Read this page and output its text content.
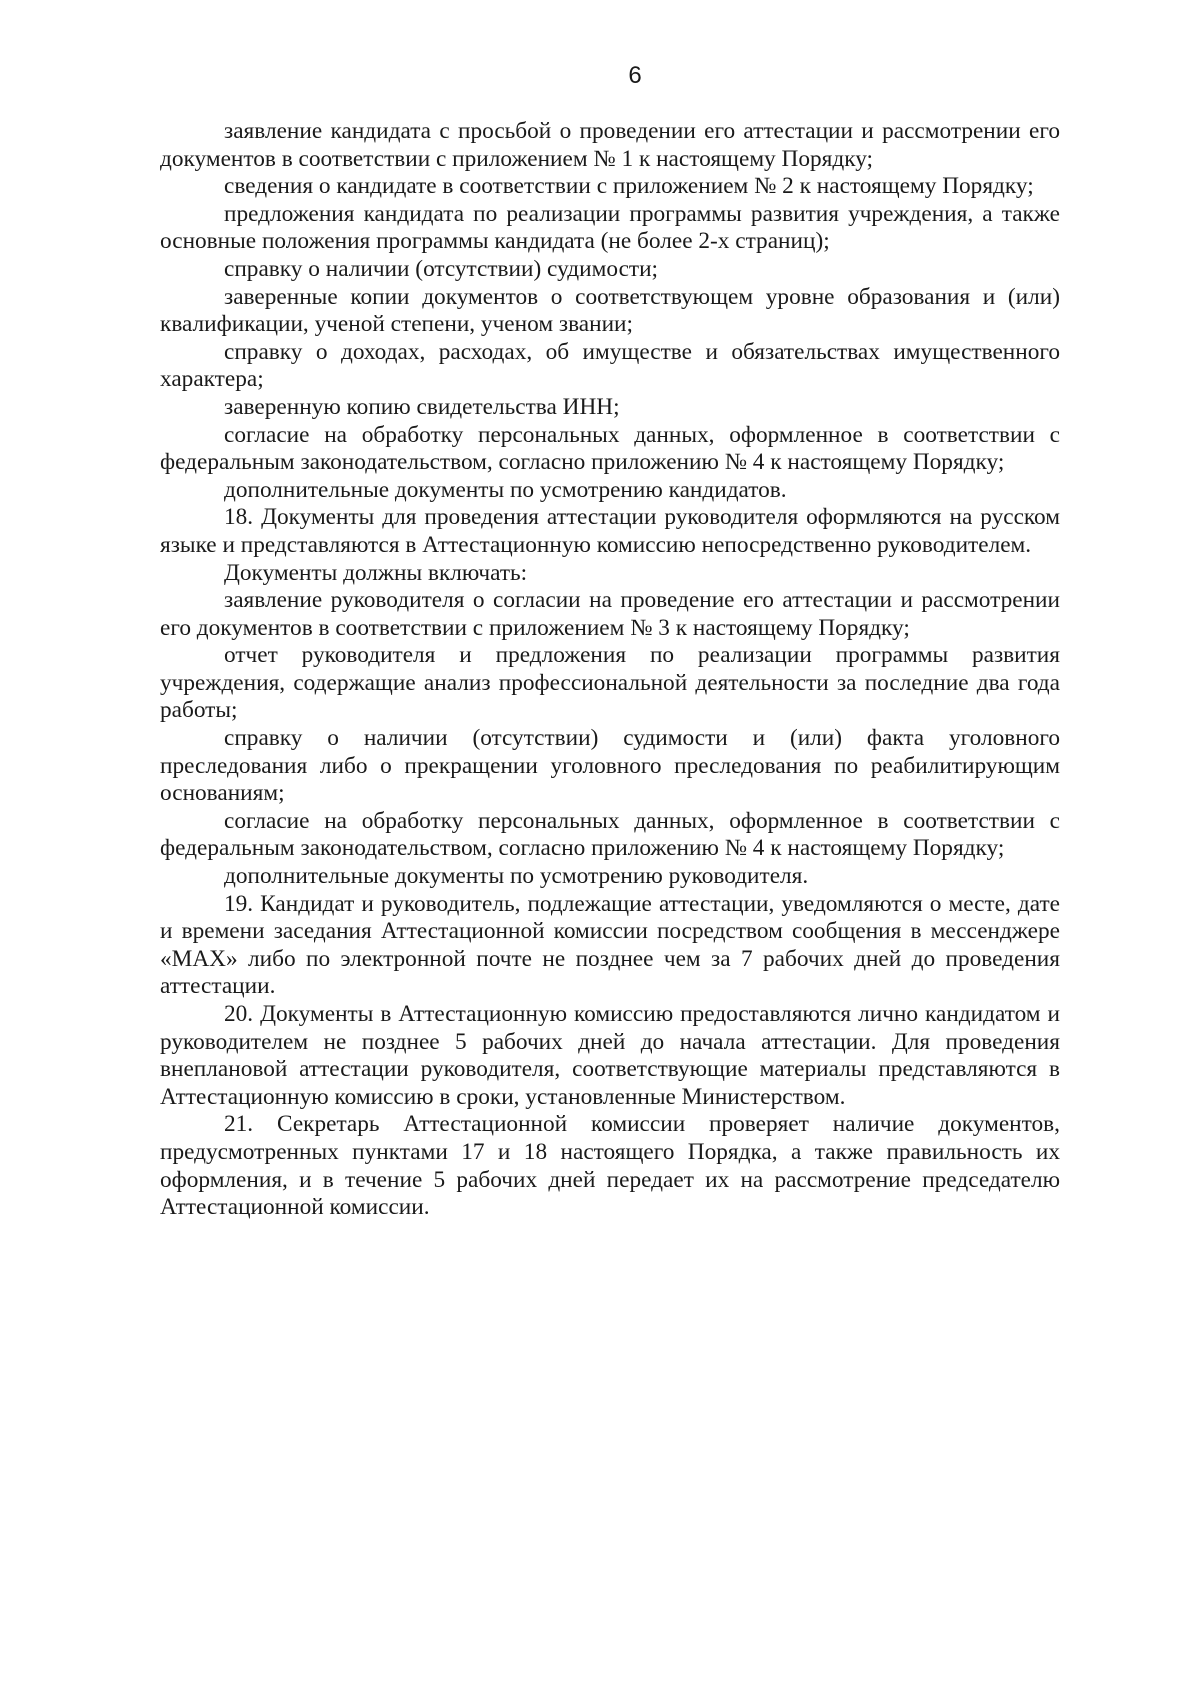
6

заявление кандидата с просьбой о проведении его аттестации и рассмотрении его документов в соответствии с приложением № 1 к настоящему Порядку;

сведения о кандидате в соответствии с приложением № 2 к настоящему Порядку;

предложения кандидата по реализации программы развития учреждения, а также основные положения программы кандидата (не более 2-х страниц);

справку о наличии (отсутствии) судимости;

заверенные копии документов о соответствующем уровне образования и (или) квалификации, ученой степени, ученом звании;

справку о доходах, расходах, об имуществе и обязательствах имущественного характера;

заверенную копию свидетельства ИНН;

согласие на обработку персональных данных, оформленное в соответствии с федеральным законодательством, согласно приложению № 4 к настоящему Порядку;

дополнительные документы по усмотрению кандидатов.

18. Документы для проведения аттестации руководителя оформляются на русском языке и представляются в Аттестационную комиссию непосредственно руководителем.

Документы должны включать:

заявление руководителя о согласии на проведение его аттестации и рассмотрении его документов в соответствии с приложением № 3 к настоящему Порядку;

отчет руководителя и предложения по реализации программы развития учреждения, содержащие анализ профессиональной деятельности за последние два года работы;

справку о наличии (отсутствии) судимости и (или) факта уголовного преследования либо о прекращении уголовного преследования по реабилитирующим основаниям;

согласие на обработку персональных данных, оформленное в соответствии с федеральным законодательством, согласно приложению № 4 к настоящему Порядку;

дополнительные документы по усмотрению руководителя.

19. Кандидат и руководитель, подлежащие аттестации, уведомляются о месте, дате и времени заседания Аттестационной комиссии посредством сообщения в мессенджере «MAX» либо по электронной почте не позднее чем за 7 рабочих дней до проведения аттестации.

20. Документы в Аттестационную комиссию предоставляются лично кандидатом и руководителем не позднее 5 рабочих дней до начала аттестации. Для проведения внеплановой аттестации руководителя, соответствующие материалы представляются в Аттестационную комиссию в сроки, установленные Министерством.

21. Секретарь Аттестационной комиссии проверяет наличие документов, предусмотренных пунктами 17 и 18 настоящего Порядка, а также правильность их оформления, и в течение 5 рабочих дней передает их на рассмотрение председателю Аттестационной комиссии.
